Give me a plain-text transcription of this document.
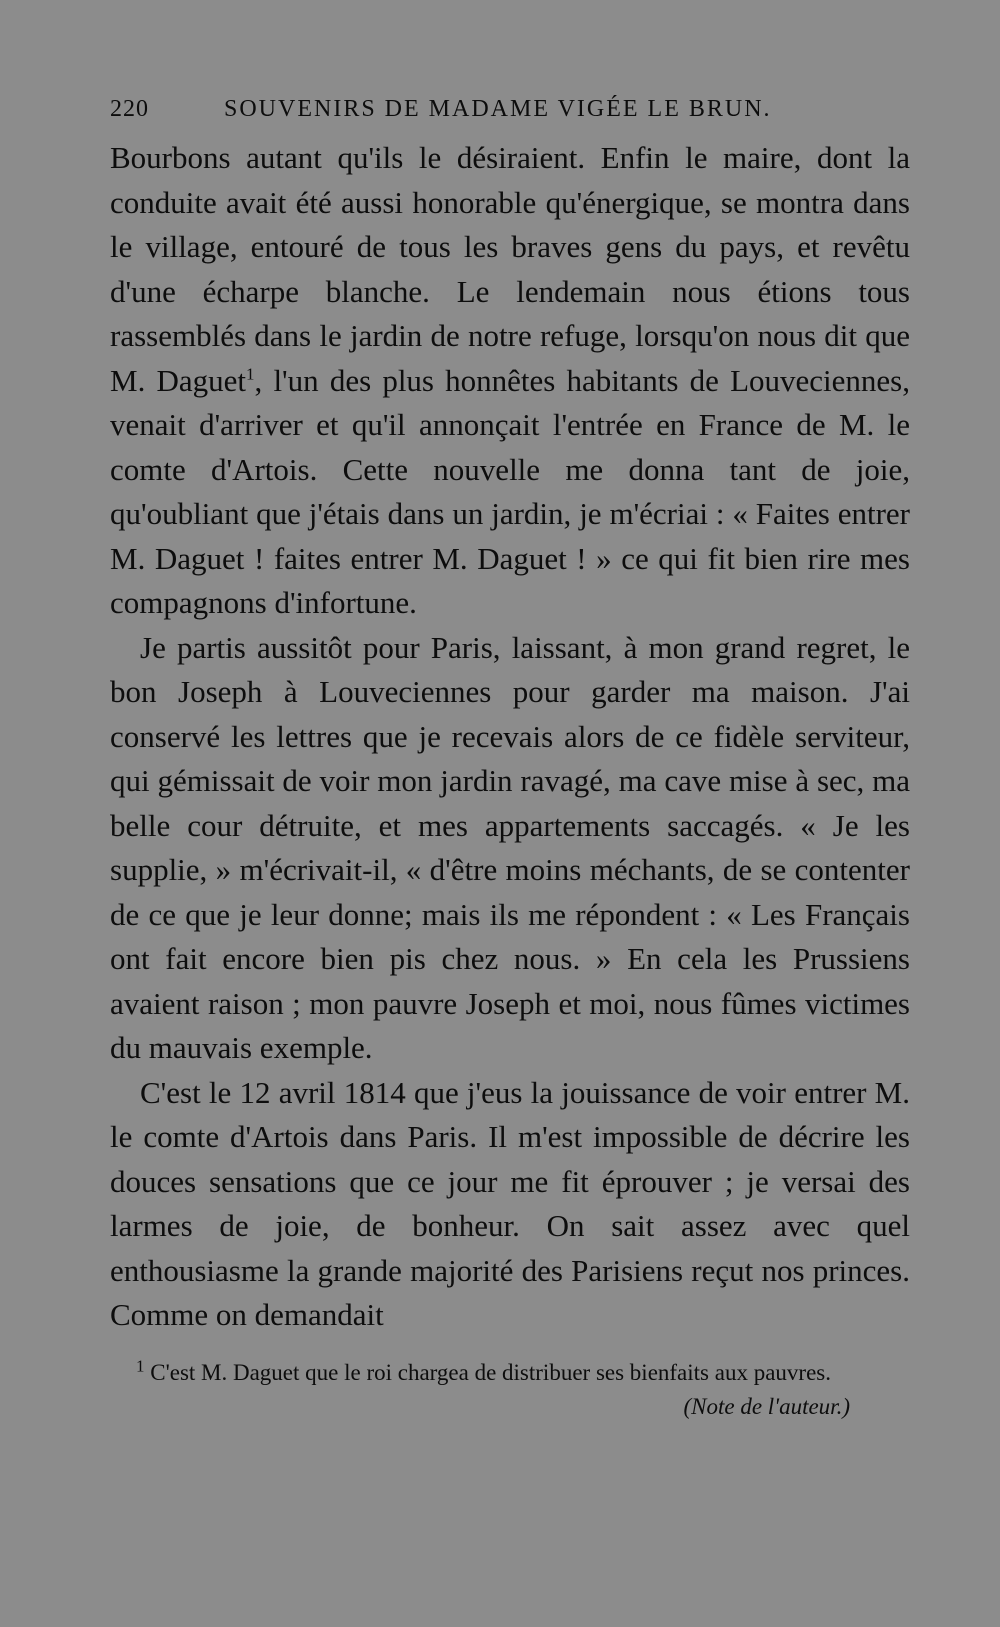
220	SOUVENIRS DE MADAME VIGÉE LE BRUN.

Bourbons autant qu'ils le désiraient. Enfin le maire, dont la conduite avait été aussi honorable qu'énergique, se montra dans le village, entouré de tous les braves gens du pays, et revêtu d'une écharpe blanche. Le lendemain nous étions tous rassemblés dans le jardin de notre refuge, lorsqu'on nous dit que M. Daguet$^1$, l'un des plus honnêtes habitants de Louveciennes, venait d'arriver et qu'il annonçait l'entrée en France de M. le comte d'Artois. Cette nouvelle me donna tant de joie, qu'oubliant que j'étais dans un jardin, je m'écriai : « Faites entrer M. Daguet ! faites entrer M. Daguet ! » ce qui fit bien rire mes compagnons d'infortune.

Je partis aussitôt pour Paris, laissant, à mon grand regret, le bon Joseph à Louveciennes pour garder ma maison. J'ai conservé les lettres que je recevais alors de ce fidèle serviteur, qui gémissait de voir mon jardin ravagé, ma cave mise à sec, ma belle cour détruite, et mes appartements saccagés. « Je les supplie, » m'écrivait-il, « d'être moins méchants, de se contenter de ce que je leur donne; mais ils me répondent : « Les Français ont fait encore bien pis chez nous. » En cela les Prussiens avaient raison ; mon pauvre Joseph et moi, nous fûmes victimes du mauvais exemple.

C'est le 12 avril 1814 que j'eus la jouissance de voir entrer M. le comte d'Artois dans Paris. Il m'est impossible de décrire les douces sensations que ce jour me fit éprouver ; je versai des larmes de joie, de bonheur. On sait assez avec quel enthousiasme la grande majorité des Parisiens reçut nos princes. Comme on demandait

$^1$ C'est M. Daguet que le roi chargea de distribuer ses bienfaits aux pauvres.
(Note de l'auteur.)
